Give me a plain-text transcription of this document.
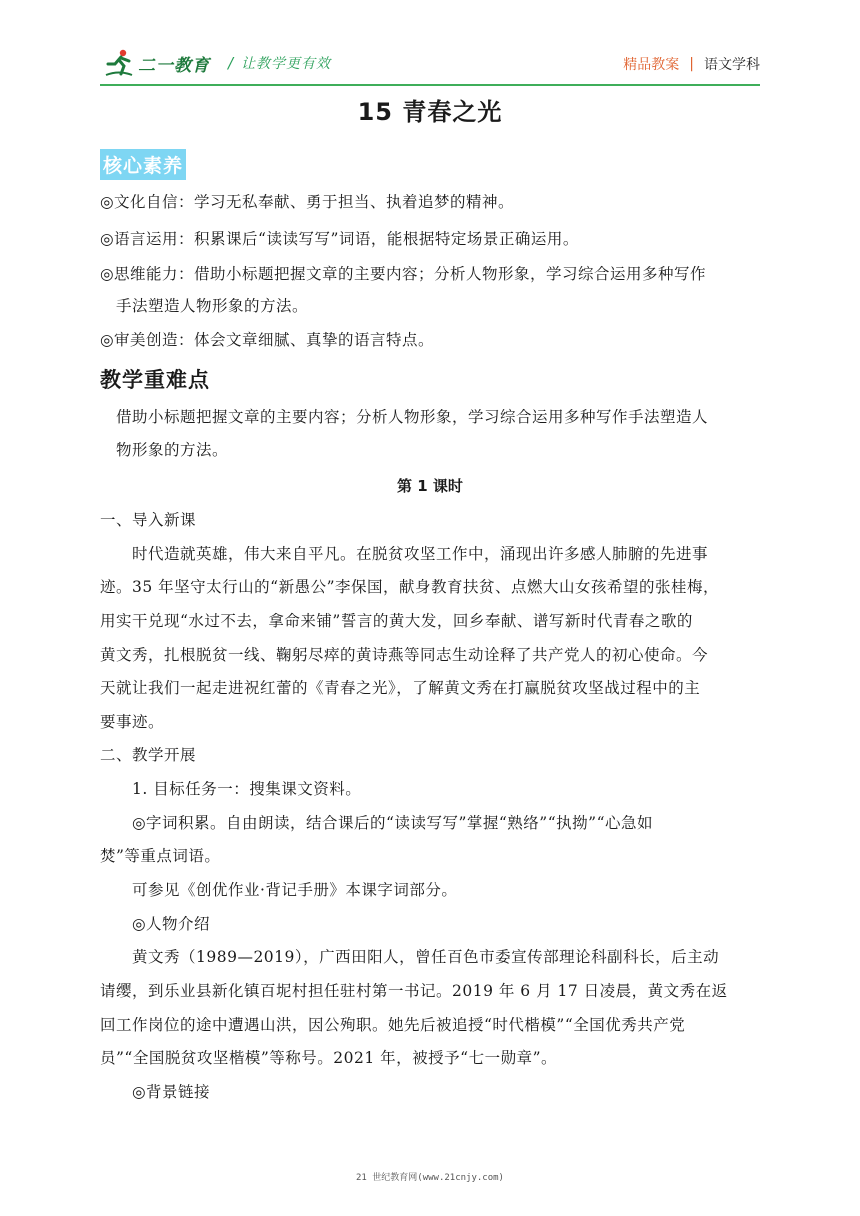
二一教育 / 让教学更有效	精品教案 | 语文学科
15 青春之光
核心素养
◎文化自信：学习无私奉献、勇于担当、执着追梦的精神。
◎语言运用：积累课后“读读写写”词语，能根据特定场景正确运用。
◎思维能力：借助小标题把握文章的主要内容；分析人物形象，学习综合运用多种写作
手法塑造人物形象的方法。
◎审美创造：体会文章细腻、真挚的语言特点。
教学重难点
借助小标题把握文章的主要内容；分析人物形象，学习综合运用多种写作手法塑造人
物形象的方法。
第 1 课时
一、导入新课
时代造就英雄，伟大来自平凡。在脱贫攻坚工作中，涌现出许多感人肺腑的先进事
迹。35 年坚守太行山的“新愚公”李保国，献身教育扶贫、点燃大山女孩希望的张桂梅，
用实干兑现“水过不去，拿命来铺”誓言的黄大发，回乡奉献、谱写新时代青春之歌的
黄文秀，扎根脱贫一线、鞠躬尽瘁的黄诗燕等同志生动诠释了共产党人的初心使命。今
天就让我们一起走进祝红蕾的《青春之光》，了解黄文秀在打赢脱贫攻坚战过程中的主
要事迹。
二、教学开展
1. 目标任务一：搜集课文资料。
◎字词积累。自由朗读，结合课后的“读读写写”掌握“熟络”“执拗”“心急如
焚”等重点词语。
可参见《创优作业·背记手册》本课字词部分。
◎人物介绍
黄文秀（1989—2019），广西田阳人，曾任百色市委宣传部理论科副科长，后主动
请缨，到乐业县新化镇百坭村担任驻村第一书记。2019 年 6 月 17 日凌晨，黄文秀在返
回工作岗位的途中遭遇山洪，因公殉职。她先后被追授“时代楷模”“全国优秀共产党
员”“全国脱贫攻坚楷模”等称号。2021 年，被授予“七一勋章”。
◎背景链接
21 世纪教育网(www.21cnjy.com)
